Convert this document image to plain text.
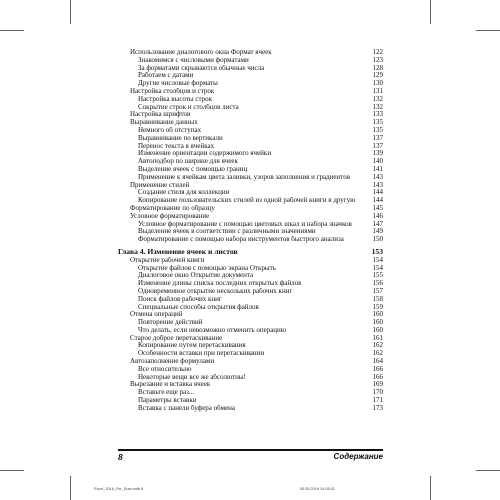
Использование диалогового окна Формат ячеек	122
Знакомимся с числовыми форматами	123
За форматами скрываются обычные числа	128
Работаем с датами	129
Другие числовые форматы	130
Настройка столбцов и строк	131
Настройка высоты строк	132
Сокрытие строк и столбцов листа	132
Настройка шрифтов	133
Выравнивание данных	135
Немного об отступах	135
Выравнивание по вертикали	137
Перенос текста в ячейках	137
Изменение ориентации содержимого ячейки	139
Автоподбор по ширине для ячеек	140
Выделение ячеек с помощью границ	141
Применение к ячейкам цвета заливки, узоров заполнения и градиентов	143
Применение стилей	143
Создание стиля для коллекции	144
Копирование пользовательских стилей из одной рабочей книги в другую 144
Форматирование по образцу	145
Условное форматирование	146
Условное форматирование с помощью цветовых шкал и набора значков	147
Выделение ячеек в соответствии с различными значениями	149
Форматирование с помощью набора инструментов быстрого анализа	150
Глава 4. Изменение ячеек и листов	153
Открытие рабочей книги	154
Открытие файлов с помощью экрана Открыть	154
Диалоговое окно Открытие документа	155
Изменение длины списка последних открытых файлов	156
Одновременное открытие нескольких рабочих книг	157
Поиск файлов рабочих книг	158
Специальные способы открытия файлов	159
Отмена операций	160
Повторение действий	160
Что делать, если невозможно отменить операцию	160
Старое доброе перетаскивание	161
Копирование путем перетаскивания	162
Особенности вставки при перетаскивании	162
Автозаполнение формулами	164
Все относительно	166
Некоторые вещи все же абсолютны!	166
Вырезание и вставка ячеек	169
Вставьте еще раз...	170
Параметры вставки	171
Вставка с панели буфера обмена	173
8	Содержание
Excel_2016_For_Dum.indb 8	05.05.2016 14:05:01
